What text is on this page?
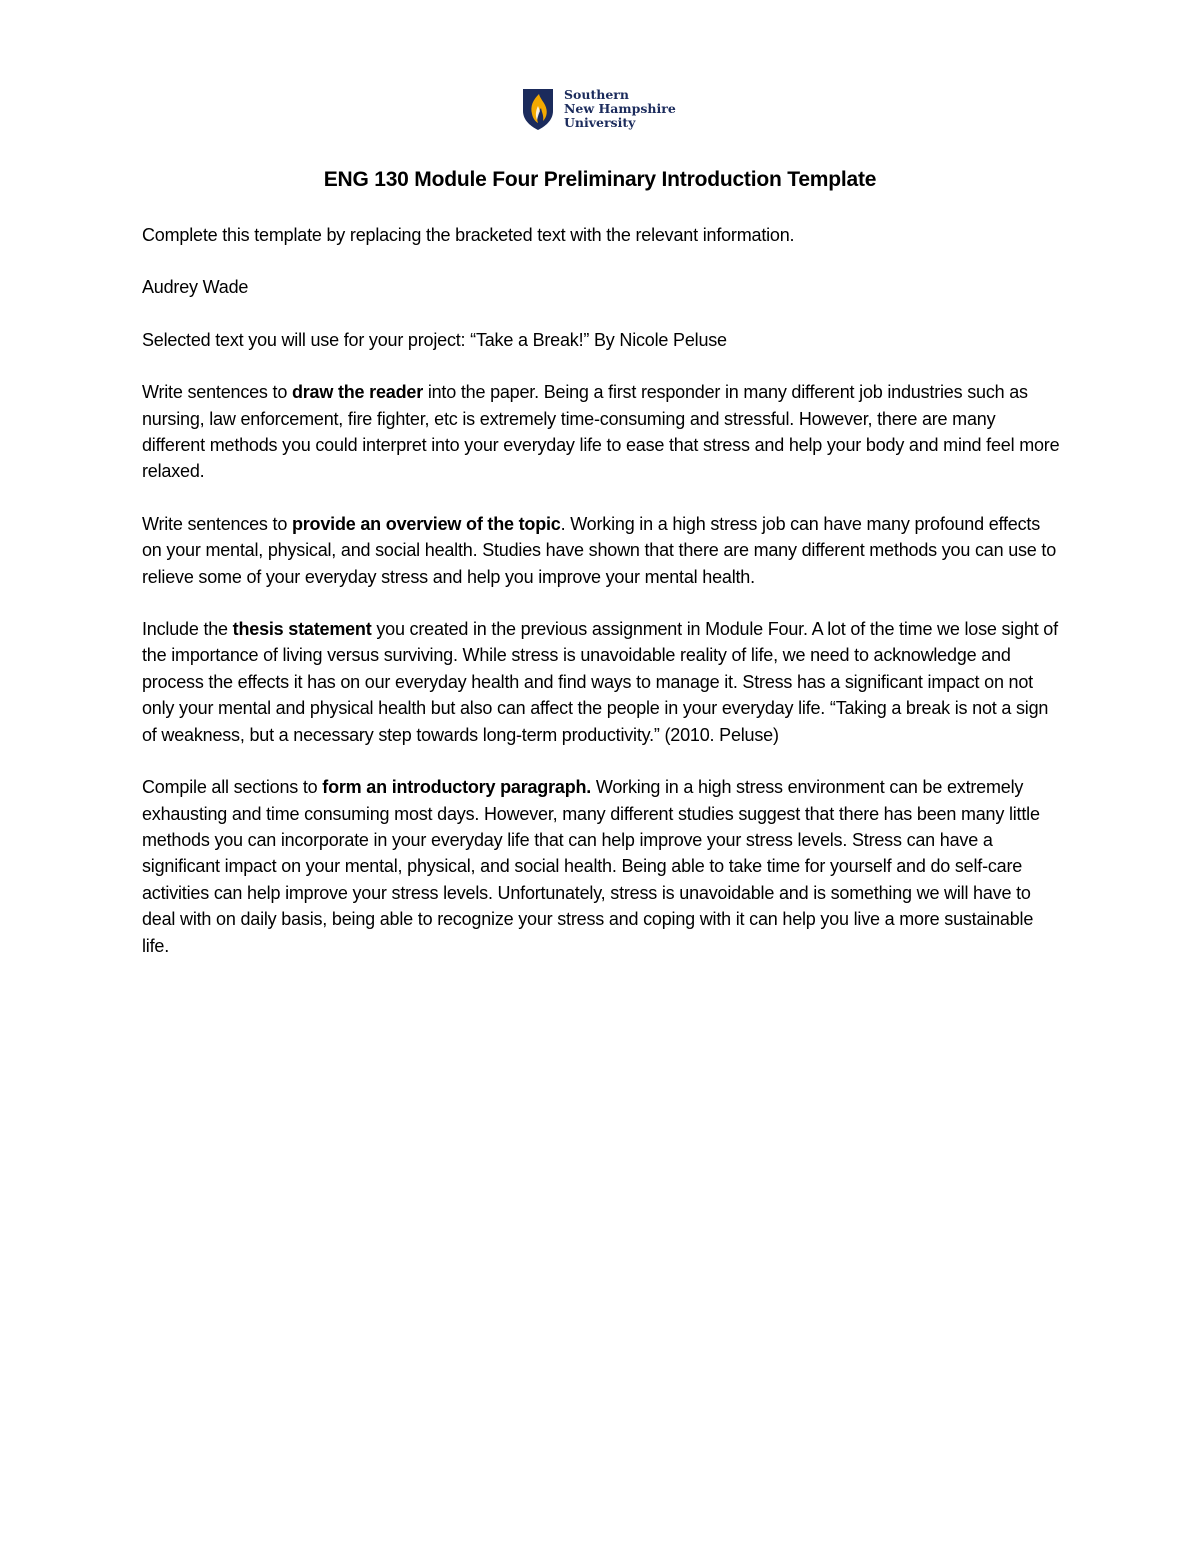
Southern
New Hampshire
University
ENG 130 Module Four Preliminary Introduction Template

Complete this template by replacing the bracketed text with the relevant information.

Audrey Wade

Selected text you will use for your project: “Take a Break!” By Nicole Peluse

Write sentences to draw the reader into the paper. Being a first responder in many different job industries such as nursing, law enforcement, fire fighter, etc is extremely time-consuming and stressful. However, there are many different methods you could interpret into your everyday life to ease that stress and help your body and mind feel more relaxed.

Write sentences to provide an overview of the topic. Working in a high stress job can have many profound effects on your mental, physical, and social health. Studies have shown that there are many different methods you can use to relieve some of your everyday stress and help you improve your mental health.

Include the thesis statement you created in the previous assignment in Module Four. A lot of the time we lose sight of the importance of living versus surviving. While stress is unavoidable reality of life, we need to acknowledge and process the effects it has on our everyday health and find ways to manage it. Stress has a significant impact on not only your mental and physical health but also can affect the people in your everyday life. “Taking a break is not a sign of weakness, but a necessary step towards long-term productivity.” (2010. Peluse)

Compile all sections to form an introductory paragraph. Working in a high stress environment can be extremely exhausting and time consuming most days. However, many different studies suggest that there has been many little methods you can incorporate in your everyday life that can help improve your stress levels. Stress can have a significant impact on your mental, physical, and social health. Being able to take time for yourself and do self-care activities can help improve your stress levels. Unfortunately, stress is unavoidable and is something we will have to deal with on daily basis, being able to recognize your stress and coping with it can help you live a more sustainable life.
